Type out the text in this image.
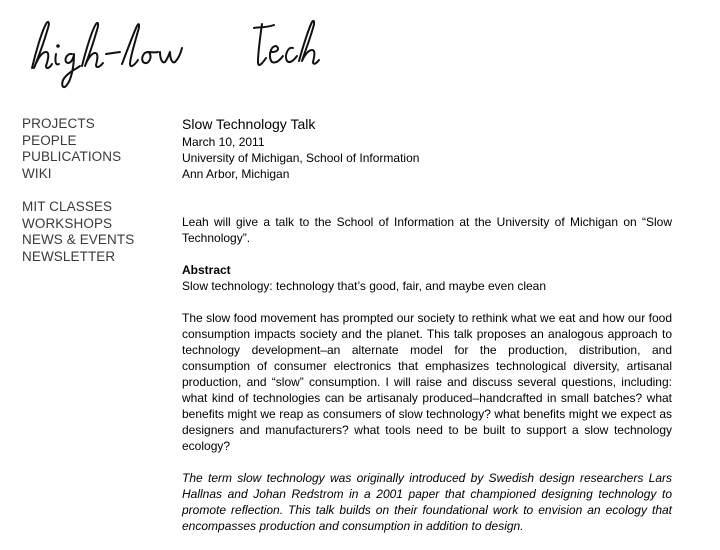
PROJECTS
PEOPLE
PUBLICATIONS
WIKI
MIT CLASSES
WORKSHOPS
NEWS & EVENTS
NEWSLETTER
Slow Technology Talk
March 10, 2011
University of Michigan, School of Information
Ann Arbor, Michigan

Leah will give a talk to the School of Information at the University of Michigan on “Slow Technology”.

Abstract
Slow technology: technology that’s good, fair, and maybe even clean

The slow food movement has prompted our society to rethink what we eat and how our food consumption impacts society and the planet. This talk proposes an analogous approach to technology development–an alternate model for the production, distribution, and consumption of consumer electronics that emphasizes technological diversity, artisanal production, and “slow” consumption. I will raise and discuss several questions, including: what kind of technologies can be artisanaly produced–handcrafted in small batches? what benefits might we reap as consumers of slow technology? what benefits might we expect as designers and manufacturers? what tools need to be built to support a slow technology ecology?

The term slow technology was originally introduced by Swedish design researchers Lars Hallnas and Johan Redstrom in a 2001 paper that championed designing technology to promote reflection. This talk builds on their foundational work to envision an ecology that encompasses production and consumption in addition to design.
